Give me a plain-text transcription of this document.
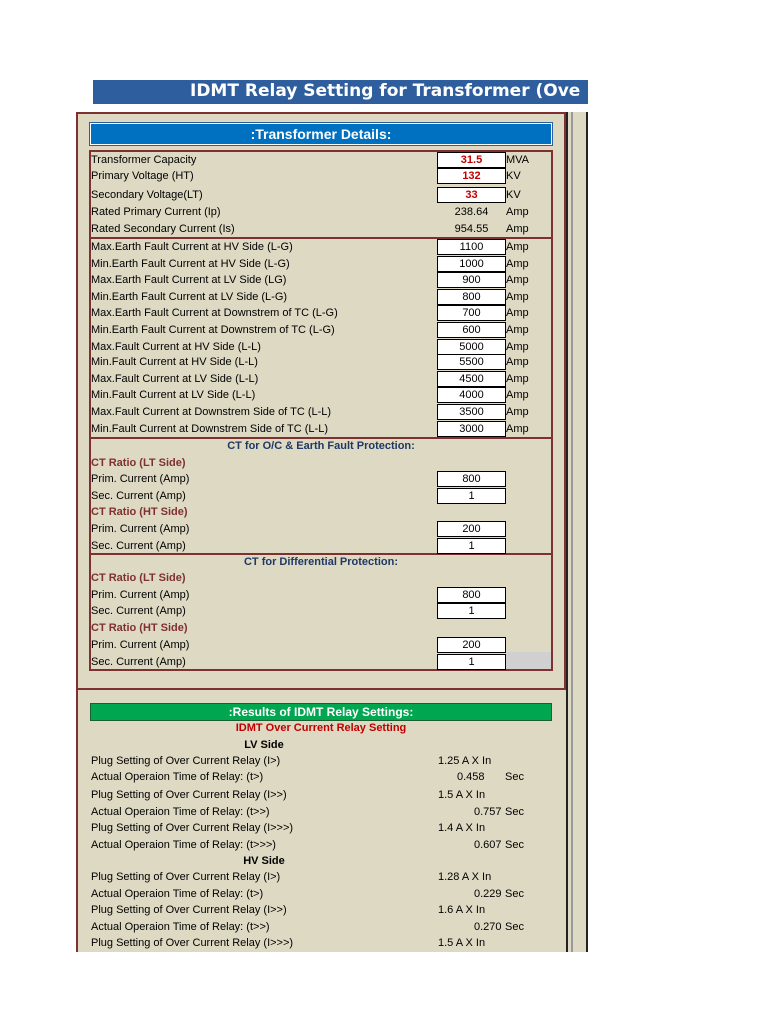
IDMT Relay Setting for Transformer (Ove
:Transformer Details:
Transformer Capacity	31.5	MVA
Primary Voltage (HT)	132	KV
Secondary Voltage(LT)	33	KV
Rated Primary Current (Ip)	238.64	Amp
Rated Secondary Current (Is)	954.55	Amp
Max.Earth Fault Current at HV Side (L-G)	1100	Amp
Min.Earth Fault Current at HV Side (L-G)	1000	Amp
Max.Earth Fault Current at LV Side (LG)	900	Amp
Min.Earth Fault Current at LV Side (L-G)	800	Amp
Max.Earth Fault Current at Downstrem of TC (L-G)	700	Amp
Min.Earth Fault Current at Downstrem of TC (L-G)	600	Amp
Max.Fault Current at HV Side (L-L)	5000	Amp
Min.Fault Current at HV Side (L-L)	5500	Amp
Max.Fault Current at LV Side (L-L)	4500	Amp
Min.Fault Current at LV Side (L-L)	4000	Amp
Max.Fault Current at Downstrem Side of TC (L-L)	3500	Amp
Min.Fault Current at Downstrem Side of TC (L-L)	3000	Amp
CT for O/C & Earth Fault Protection:
CT Ratio (LT Side)
Prim. Current (Amp)	800
Sec. Current (Amp)	1
CT Ratio (HT Side)
Prim. Current (Amp)	200
Sec. Current (Amp)	1
CT for Differential Protection:
CT Ratio (LT Side)
Prim. Current (Amp)	800
Sec. Current (Amp)	1
CT Ratio (HT Side)
Prim. Current (Amp)	200
Sec. Current (Amp)	1
:Results of IDMT Relay Settings:
IDMT Over Current Relay Setting
LV Side
Plug Setting of Over Current Relay (I>)	1.25 A X In
Actual Operaion Time of Relay: (t>)	0.458 Sec
Plug Setting of Over Current Relay (I>>)	1.5 A X In
Actual Operaion Time of Relay: (t>>)	0.757 Sec
Plug Setting of Over Current Relay (I>>>)	1.4 A X In
Actual Operaion Time of Relay: (t>>>)	0.607 Sec
HV Side
Plug Setting of Over Current Relay (I>)	1.28 A X In
Actual Operaion Time of Relay: (t>)	0.229 Sec
Plug Setting of Over Current Relay (I>>)	1.6 A X In
Actual Operaion Time of Relay: (t>>)	0.270 Sec
Plug Setting of Over Current Relay (I>>>)	1.5 A X In
